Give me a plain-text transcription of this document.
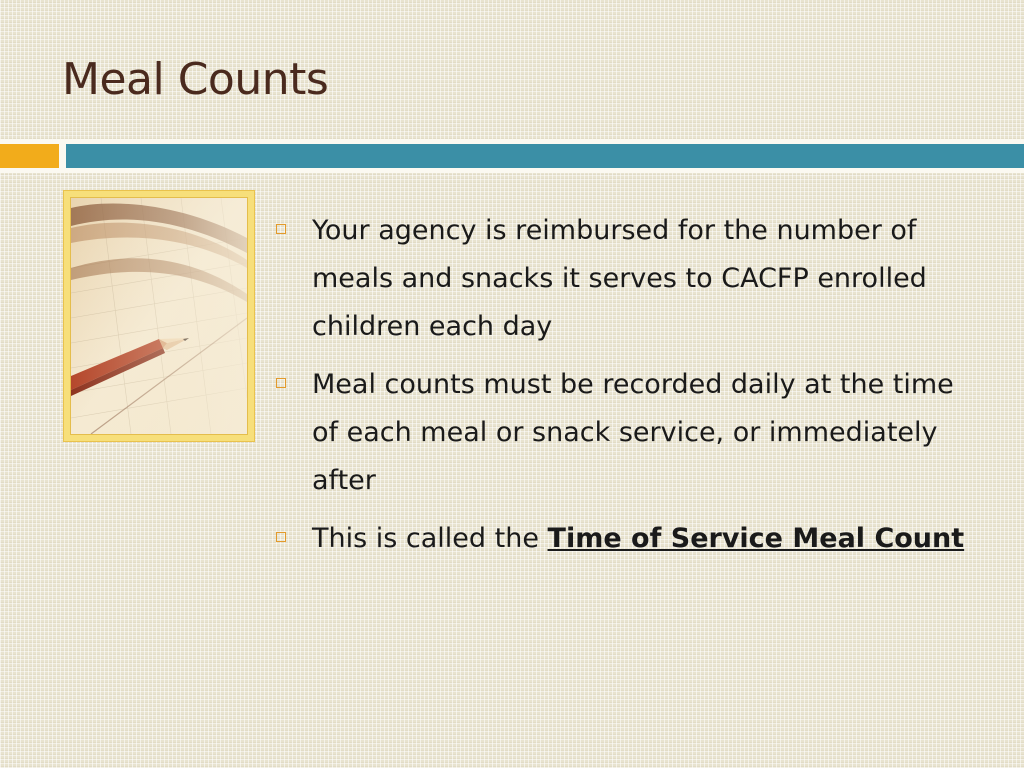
Meal Counts
Your agency is reimbursed for the number of meals and snacks it serves to CACFP enrolled children each day
Meal counts must be recorded daily at the time of each meal or snack service, or immediately after
This is called the Time of Service Meal Count
